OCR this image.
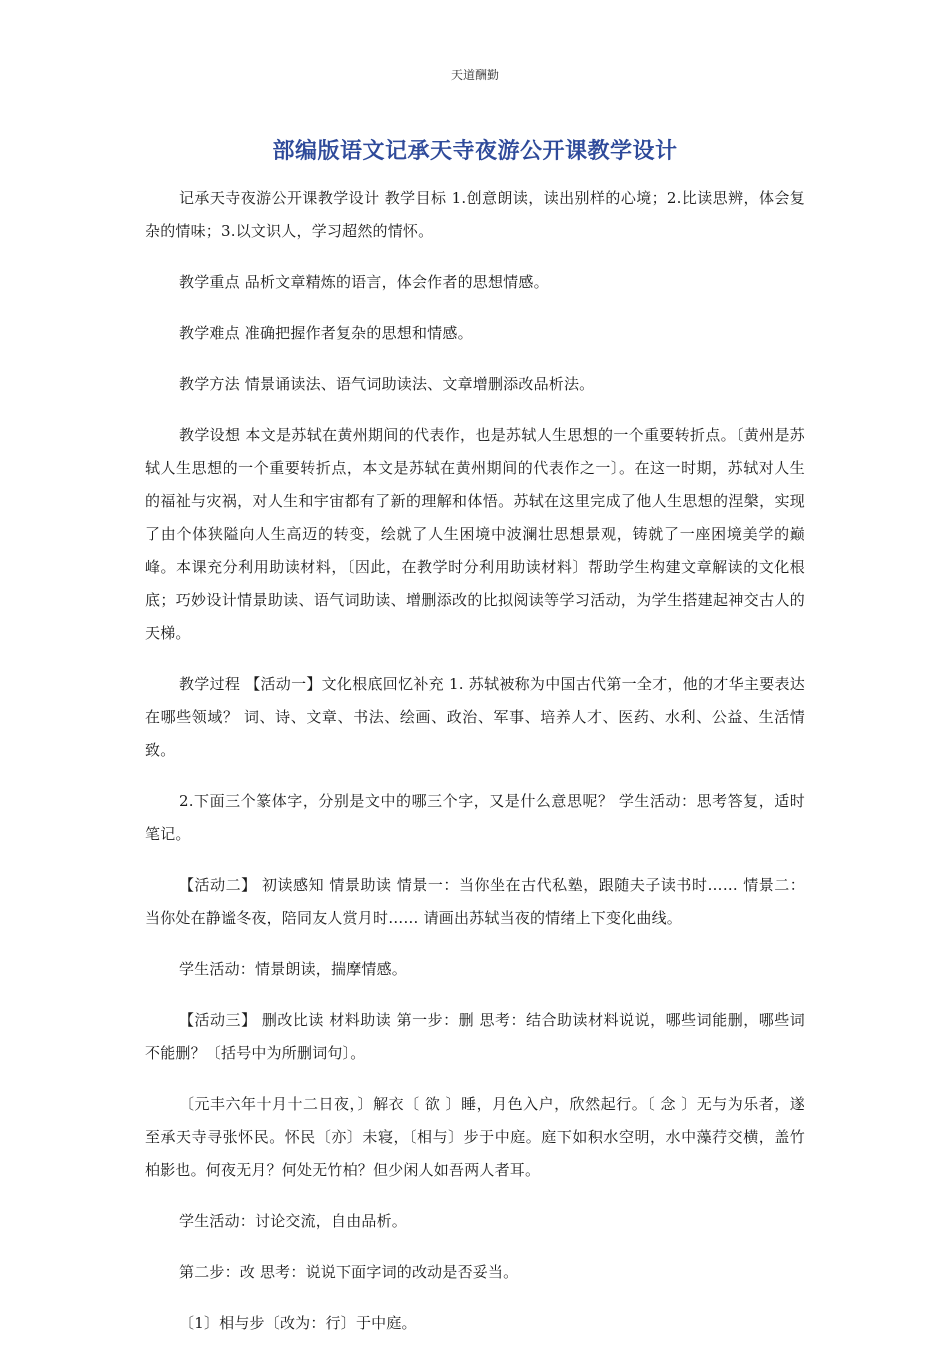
天道酬勤
部编版语文记承天寺夜游公开课教学设计

记承天寺夜游公开课教学设计 教学目标 1.创意朗读，读出别样的心境；2.比读思辨，体会复杂的情味；3.以文识人，学习超然的情怀。

教学重点 品析文章精炼的语言，体会作者的思想情感。

教学难点 准确把握作者复杂的思想和情感。

教学方法 情景诵读法、语气词助读法、文章增删添改品析法。

教学设想 本文是苏轼在黄州期间的代表作，也是苏轼人生思想的一个重要转折点。〔黄州是苏轼人生思想的一个重要转折点，本文是苏轼在黄州期间的代表作之一〕。在这一时期，苏轼对人生的福祉与灾祸，对人生和宇宙都有了新的理解和体悟。苏轼在这里完成了他人生思想的涅槃，实现了由个体狭隘向人生高迈的转变，绘就了人生困境中波澜壮思想景观，铸就了一座困境美学的巅峰。本课充分利用助读材料，〔因此，在教学时分利用助读材料〕帮助学生构建文章解读的文化根底；巧妙设计情景助读、语气词助读、增删添改的比拟阅读等学习活动，为学生搭建起神交古人的天梯。

教学过程 【活动一】文化根底回忆补充 1. 苏轼被称为中国古代第一全才，他的才华主要表达在哪些领域？ 词、诗、文章、书法、绘画、政治、军事、培养人才、医药、水利、公益、生活情致。

2.下面三个篆体字，分别是文中的哪三个字，又是什么意思呢？ 学生活动：思考答复，适时笔记。

【活动二】 初读感知 情景助读 情景一：当你坐在古代私塾，跟随夫子读书时…… 情景二：当你处在静谧冬夜，陪同友人赏月时…… 请画出苏轼当夜的情绪上下变化曲线。

学生活动：情景朗读，揣摩情感。

【活动三】 删改比读 材料助读 第一步：删 思考：结合助读材料说说，哪些词能删，哪些词不能删？〔括号中为所删词句〕。

〔元丰六年十月十二日夜，〕解衣〔 欲 〕睡，月色入户，欣然起行。〔 念 〕无与为乐者，遂至承天寺寻张怀民。怀民〔亦〕未寝，〔相与〕步于中庭。庭下如积水空明，水中藻荇交横，盖竹柏影也。何夜无月？何处无竹柏？但少闲人如吾两人者耳。

学生活动：讨论交流，自由品析。

第二步：改 思考：说说下面字词的改动是否妥当。

〔1〕相与步〔改为：行〕于中庭。
